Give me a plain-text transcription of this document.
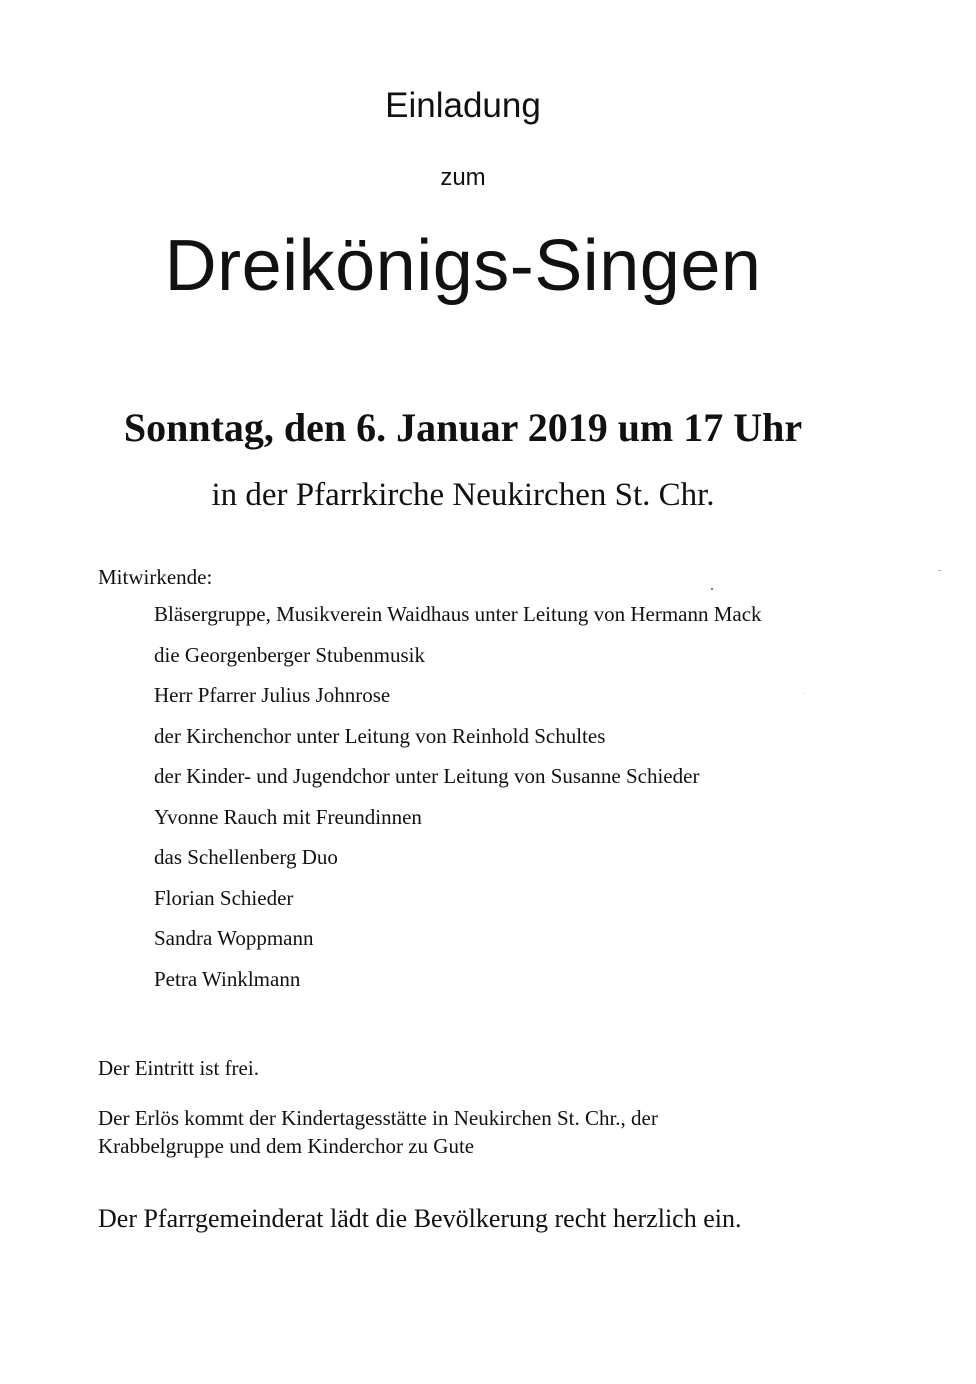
Einladung
zum
Dreikönigs-Singen
Sonntag, den 6. Januar 2019 um 17 Uhr
in der Pfarrkirche Neukirchen St. Chr.
Mitwirkende:
Bläsergruppe, Musikverein Waidhaus unter Leitung von Hermann Mack
die Georgenberger Stubenmusik
Herr Pfarrer Julius Johnrose
der Kirchenchor unter Leitung von Reinhold Schultes
der Kinder- und Jugendchor unter Leitung von Susanne Schieder
Yvonne Rauch mit Freundinnen
das Schellenberg Duo
Florian Schieder
Sandra Woppmann
Petra Winklmann
Der Eintritt ist frei.
Der Erlös kommt der Kindertagesstätte in Neukirchen St. Chr., der
Krabbelgruppe und dem Kinderchor zu Gute
Der Pfarrgemeinderat lädt die Bevölkerung recht herzlich ein.
